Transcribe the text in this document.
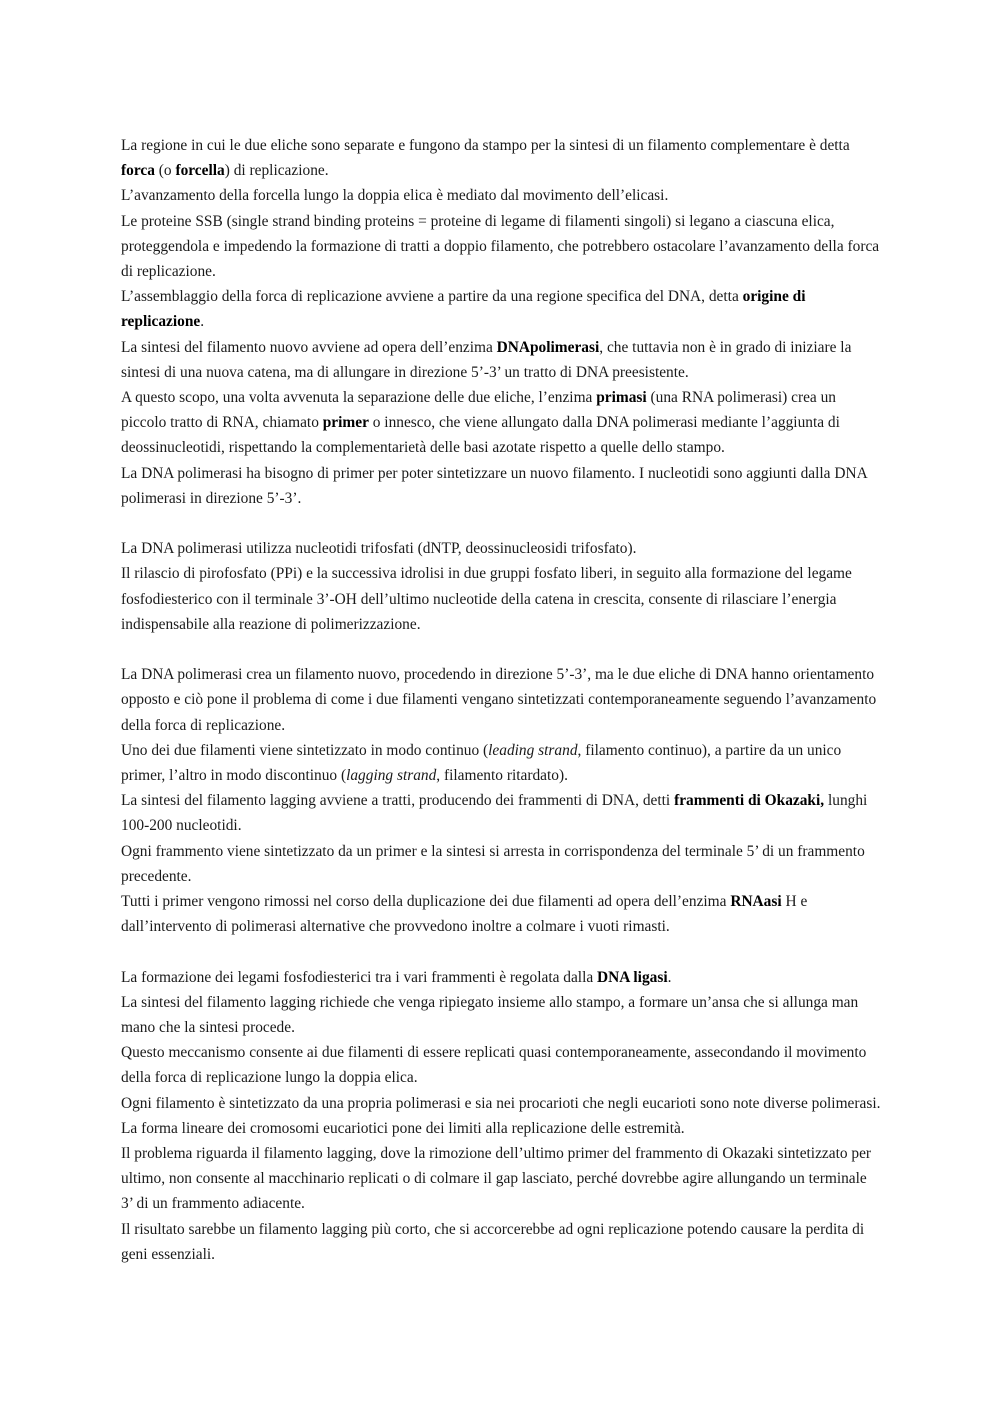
La regione in cui le due eliche sono separate e fungono da stampo per la sintesi di un filamento complementare è detta forca (o forcella) di replicazione.

L’avanzamento della forcella lungo la doppia elica è mediato dal movimento dell’elicasi.

Le proteine SSB (single strand binding proteins = proteine di legame di filamenti singoli) si legano a ciascuna elica, proteggendola e impedendo la formazione di tratti a doppio filamento, che potrebbero ostacolare l’avanzamento della forca di replicazione.

L’assemblaggio della forca di replicazione avviene a partire da una regione specifica del DNA, detta origine di replicazione.

La sintesi del filamento nuovo avviene ad opera dell’enzima DNApolimerasi, che tuttavia non è in grado di iniziare la sintesi di una nuova catena, ma di allungare in direzione 5’-3’ un tratto di DNA preesistente.

A questo scopo, una volta avvenuta la separazione delle due eliche, l’enzima primasi (una RNA polimerasi) crea un piccolo tratto di RNA, chiamato primer o innesco, che viene allungato dalla DNA polimerasi mediante l’aggiunta di deossinucleotidi, rispettando la complementarietà delle basi azotate rispetto a quelle dello stampo.

La DNA polimerasi ha bisogno di primer per poter sintetizzare un nuovo filamento. I nucleotidi sono aggiunti dalla DNA polimerasi in direzione 5’-3’.

La DNA polimerasi utilizza nucleotidi trifosfati (dNTP, deossinucleosidi trifosfato).

Il rilascio di pirofosfato (PPi) e la successiva idrolisi in due gruppi fosfato liberi, in seguito alla formazione del legame fosfodiesterico con il terminale 3’-OH dell’ultimo nucleotide della catena in crescita, consente di rilasciare l’energia indispensabile alla reazione di polimerizzazione.

La DNA polimerasi crea un filamento nuovo, procedendo in direzione 5’-3’, ma le due eliche di DNA hanno orientamento opposto e ciò pone il problema di come i due filamenti vengano sintetizzati contemporaneamente seguendo l’avanzamento della forca di replicazione.

Uno dei due filamenti viene sintetizzato in modo continuo (leading strand, filamento continuo), a partire da un unico primer, l’altro in modo discontinuo (lagging strand, filamento ritardato).

La sintesi del filamento lagging avviene a tratti, producendo dei frammenti di DNA, detti frammenti di Okazaki, lunghi 100-200 nucleotidi.

Ogni frammento viene sintetizzato da un primer e la sintesi si arresta in corrispondenza del terminale 5’ di un frammento precedente.

Tutti i primer vengono rimossi nel corso della duplicazione dei due filamenti ad opera dell’enzima RNAasi H e dall’intervento di polimerasi alternative che provvedono inoltre a colmare i vuoti rimasti.

La formazione dei legami fosfodiesterici tra i vari frammenti è regolata dalla DNA ligasi.

La sintesi del filamento lagging richiede che venga ripiegato insieme allo stampo, a formare un’ansa che si allunga man mano che la sintesi procede.

Questo meccanismo consente ai due filamenti di essere replicati quasi contemporaneamente, assecondando il movimento della forca di replicazione lungo la doppia elica.

Ogni filamento è sintetizzato da una propria polimerasi e sia nei procarioti che negli eucarioti sono note diverse polimerasi. La forma lineare dei cromosomi eucariotici pone dei limiti alla replicazione delle estremità.

Il problema riguarda il filamento lagging, dove la rimozione dell’ultimo primer del frammento di Okazaki sintetizzato per ultimo, non consente al macchinario replicati o di colmare il gap lasciato, perché dovrebbe agire allungando un terminale 3’ di un frammento adiacente.

Il risultato sarebbe un filamento lagging più corto, che si accorcerebbe ad ogni replicazione potendo causare la perdita di geni essenziali.
